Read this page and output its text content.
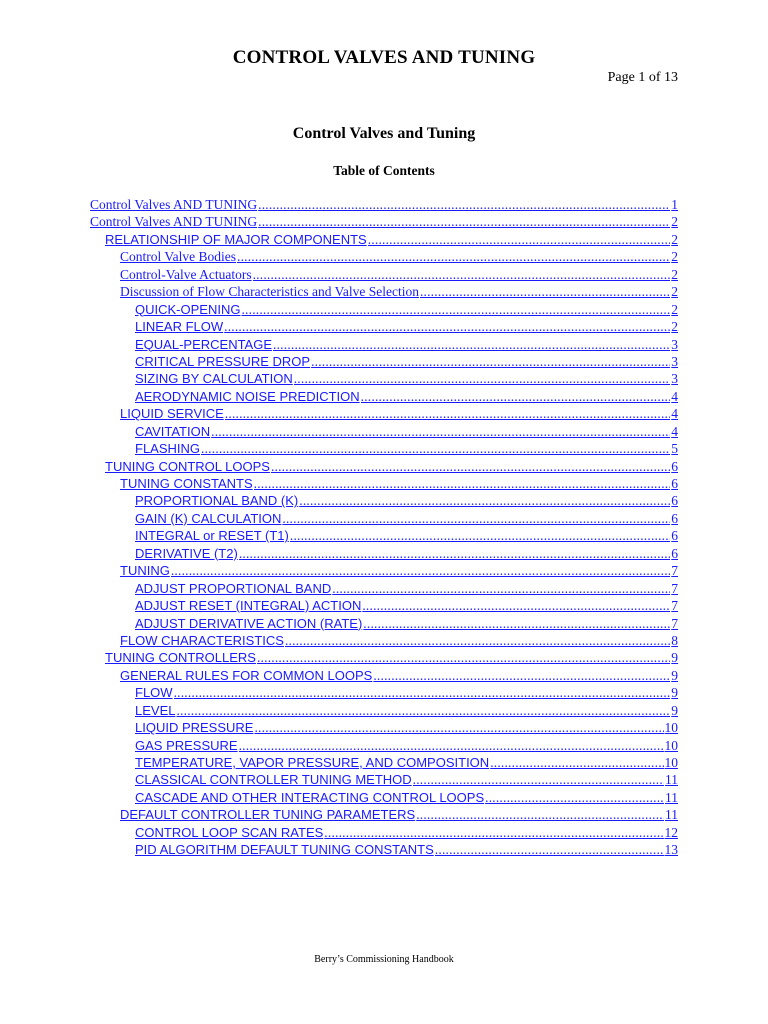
CONTROL VALVES AND TUNING
Page 1 of 13
Control Valves and Tuning
Table of Contents
Control Valves AND TUNING .....	1
Control Valves AND TUNING .....	2
RELATIONSHIP OF MAJOR COMPONENTS .....	2
Control Valve Bodies .....	2
Control-Valve Actuators .....	2
Discussion of Flow Characteristics and Valve Selection .....	2
QUICK-OPENING .....	2
LINEAR FLOW .....	2
EQUAL-PERCENTAGE .....	3
CRITICAL PRESSURE DROP .....	3
SIZING BY CALCULATION .....	3
AERODYNAMIC NOISE PREDICTION .....	4
LIQUID SERVICE .....	4
CAVITATION .....	4
FLASHING .....	5
TUNING CONTROL LOOPS .....	6
TUNING CONSTANTS .....	6
PROPORTIONAL BAND (K) .....	6
GAIN (K) CALCULATION .....	6
INTEGRAL or RESET (T1) .....	6
DERIVATIVE (T2) .....	6
TUNING .....	7
ADJUST PROPORTIONAL BAND .....	7
ADJUST RESET (INTEGRAL) ACTION .....	7
ADJUST DERIVATIVE ACTION (RATE) .....	7
FLOW CHARACTERISTICS .....	8
TUNING CONTROLLERS .....	9
GENERAL RULES FOR COMMON LOOPS .....	9
FLOW .....	9
LEVEL .....	9
LIQUID PRESSURE .....	10
GAS PRESSURE .....	10
TEMPERATURE, VAPOR PRESSURE, AND COMPOSITION .....	10
CLASSICAL CONTROLLER TUNING METHOD .....	11
CASCADE AND OTHER INTERACTING CONTROL LOOPS .....	11
DEFAULT CONTROLLER TUNING PARAMETERS .....	11
CONTROL LOOP SCAN RATES .....	12
PID ALGORITHM DEFAULT TUNING CONSTANTS .....	13
Berry’s Commissioning Handbook
